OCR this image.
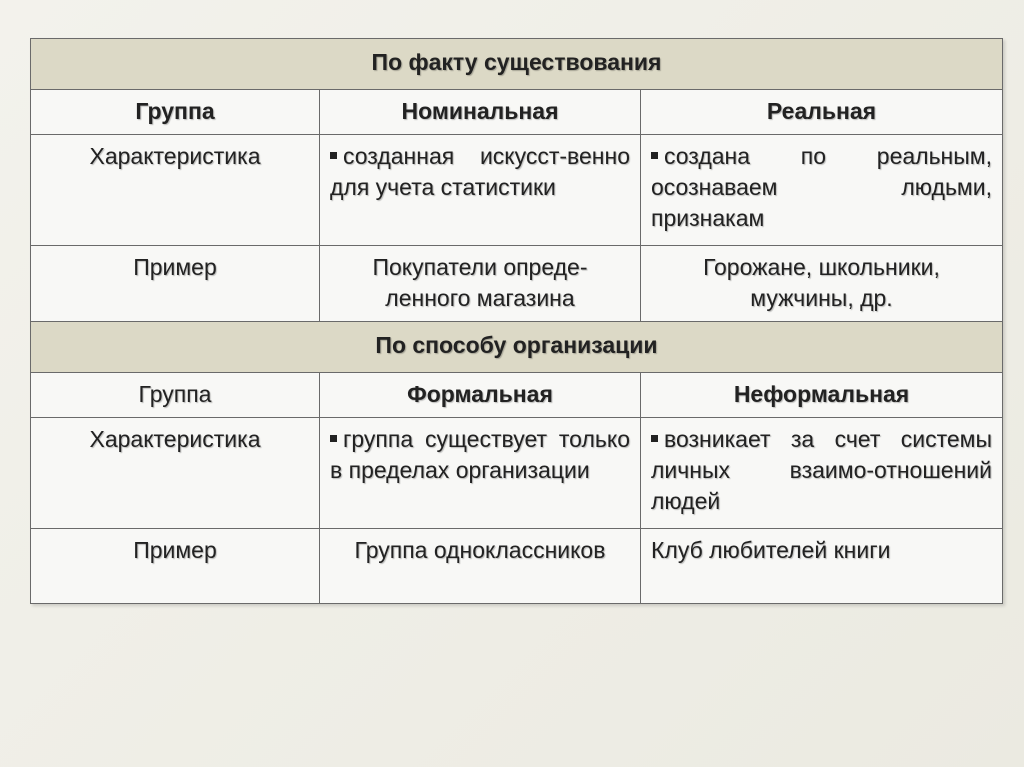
По факту существования		
Группа	Номинальная	Реальная
Характеристика	созданная искусст-венно для учета статистики	создана по реальным, осознаваем людьми, признакам
Пример	Покупатели опреде-ленного магазина	Горожане, школьники, мужчины, др.
По способу организации		
Группа	Формальная	Неформальная
Характеристика	группа существует только в пределах организации	возникает за счет системы личных взаимо-отношений людей
Пример	Группа одноклассников	Клуб любителей книги
